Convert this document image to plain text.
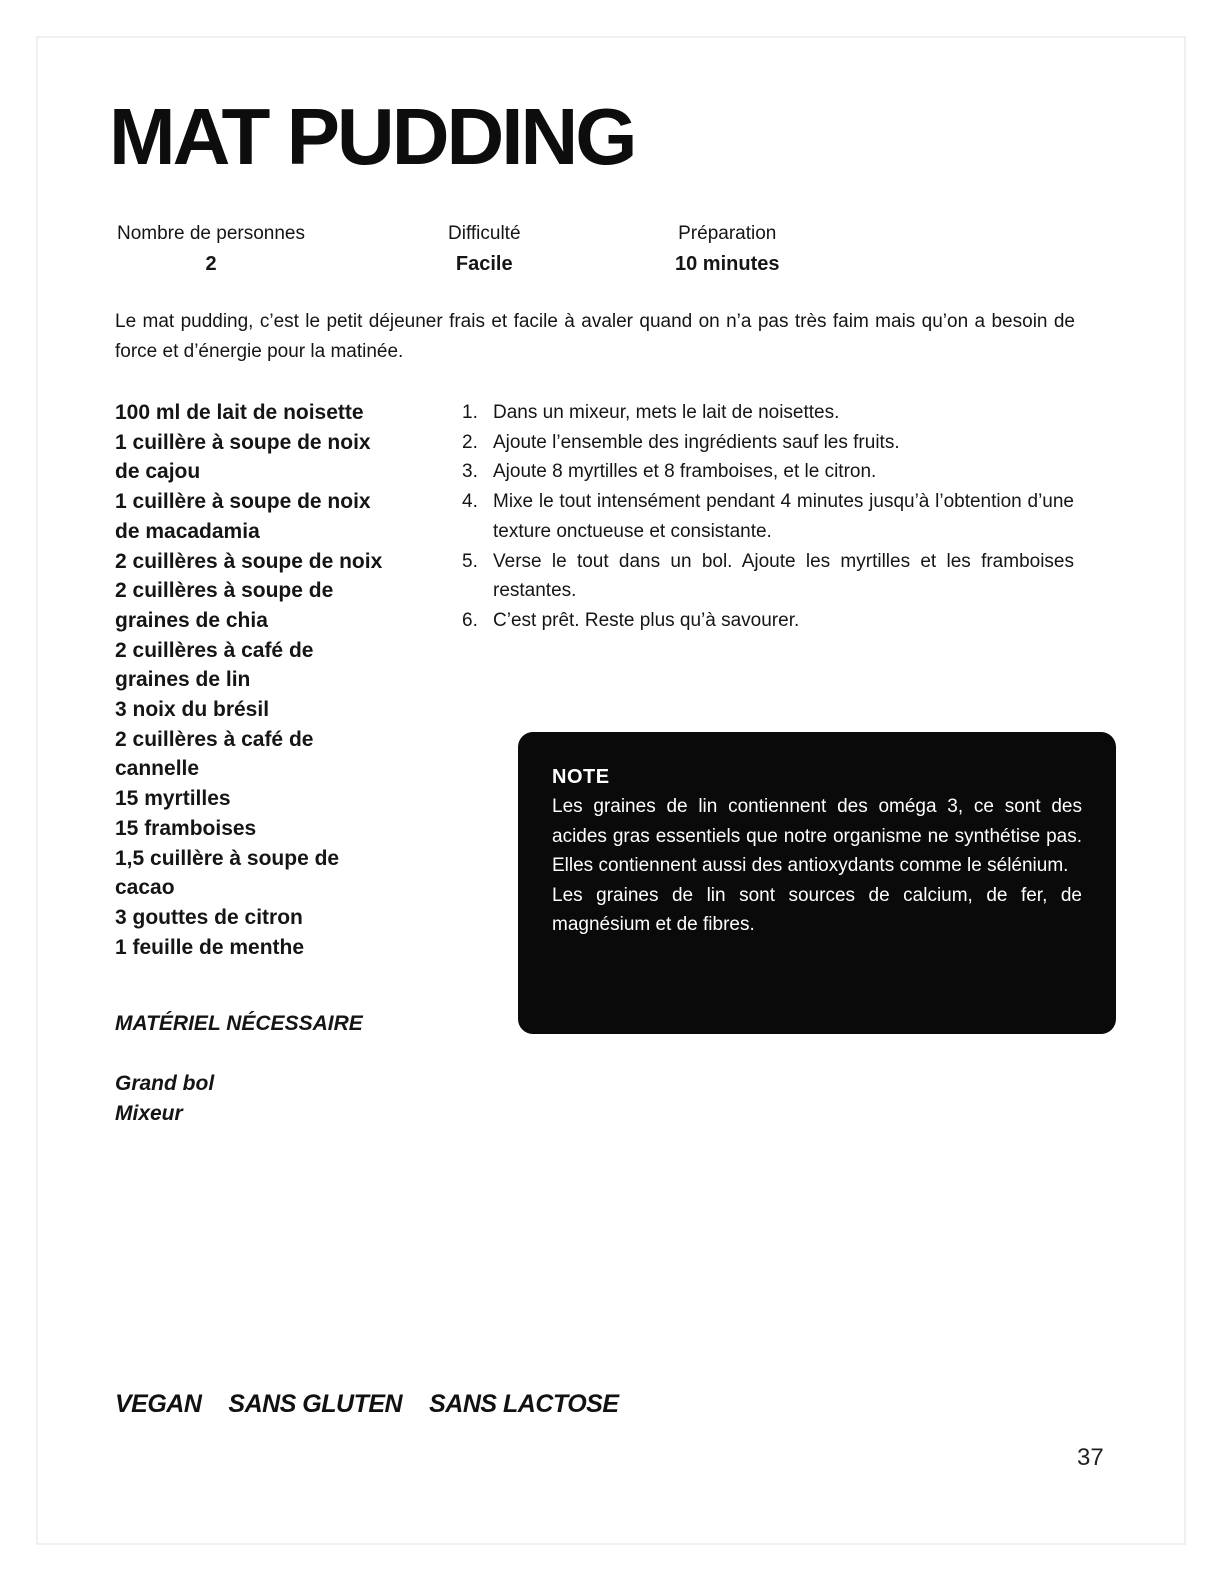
MAT PUDDING
Nombre de personnes
2
Difficulté
Facile
Préparation
10 minutes

Le mat pudding, c’est le petit déjeuner frais et facile à avaler quand on n’a pas très faim mais qu’on a besoin de force et d’énergie pour la matinée.

100 ml de lait de noisette
1 cuillère à soupe de noix de cajou
1 cuillère à soupe de noix de macadamia
2 cuillères à soupe de noix
2 cuillères à soupe de graines de chia
2 cuillères à café de graines de lin
3 noix du brésil
2 cuillères à café de cannelle
15 myrtilles
15 framboises
1,5 cuillère à soupe de cacao
3 gouttes de citron
1 feuille de menthe
MATÉRIEL NÉCESSAIRE
Grand bol
Mixeur
1. Dans un mixeur, mets le lait de noisettes.
2. Ajoute l’ensemble des ingrédients sauf les fruits.
3. Ajoute 8 myrtilles et 8 framboises, et le citron.
4. Mixe le tout intensément pendant 4 minutes jusqu’à l’obtention d’une texture onctueuse et consistante.
5. Verse le tout dans un bol. Ajoute les myrtilles et les framboises restantes.
6. C’est prêt. Reste plus qu’à savourer.
NOTE

Les graines de lin contiennent des oméga 3, ce sont des acides gras essentiels que notre organisme ne synthétise pas. Elles contiennent aussi des antioxydants comme le sélénium.

Les graines de lin sont sources de calcium, de fer, de magnésium et de fibres.

VEGAN SANS GLUTEN SANS LACTOSE
37
